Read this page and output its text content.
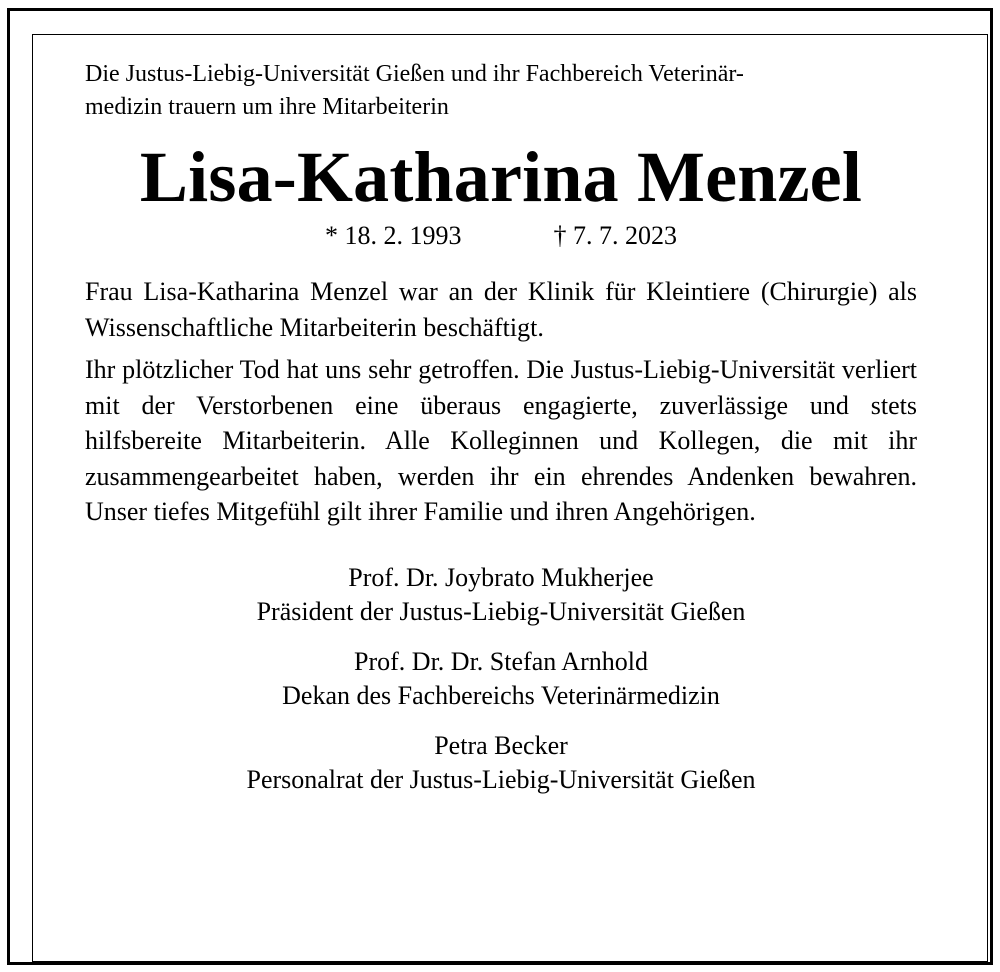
Die Justus-Liebig-Universität Gießen und ihr Fachbereich Veterinär-
medizin trauern um ihre Mitarbeiterin

Lisa-Katharina Menzel
* 18. 2. 1993	† 7. 7. 2023

Frau Lisa-Katharina Menzel war an der Klinik für Kleintiere (Chirurgie) als Wissenschaftliche Mitarbeiterin beschäftigt.

Ihr plötzlicher Tod hat uns sehr getroffen. Die Justus-Liebig-Universität verliert mit der Verstorbenen eine überaus engagierte, zuverlässige und stets hilfsbereite Mitarbeiterin. Alle Kolleginnen und Kollegen, die mit ihr zusammengearbeitet haben, werden ihr ein ehrendes Andenken bewahren. Unser tiefes Mitgefühl gilt ihrer Familie und ihren Angehörigen.

Prof. Dr. Joybrato Mukherjee
Präsident der Justus-Liebig-Universität Gießen
Prof. Dr. Dr. Stefan Arnhold
Dekan des Fachbereichs Veterinärmedizin
Petra Becker
Personalrat der Justus-Liebig-Universität Gießen
